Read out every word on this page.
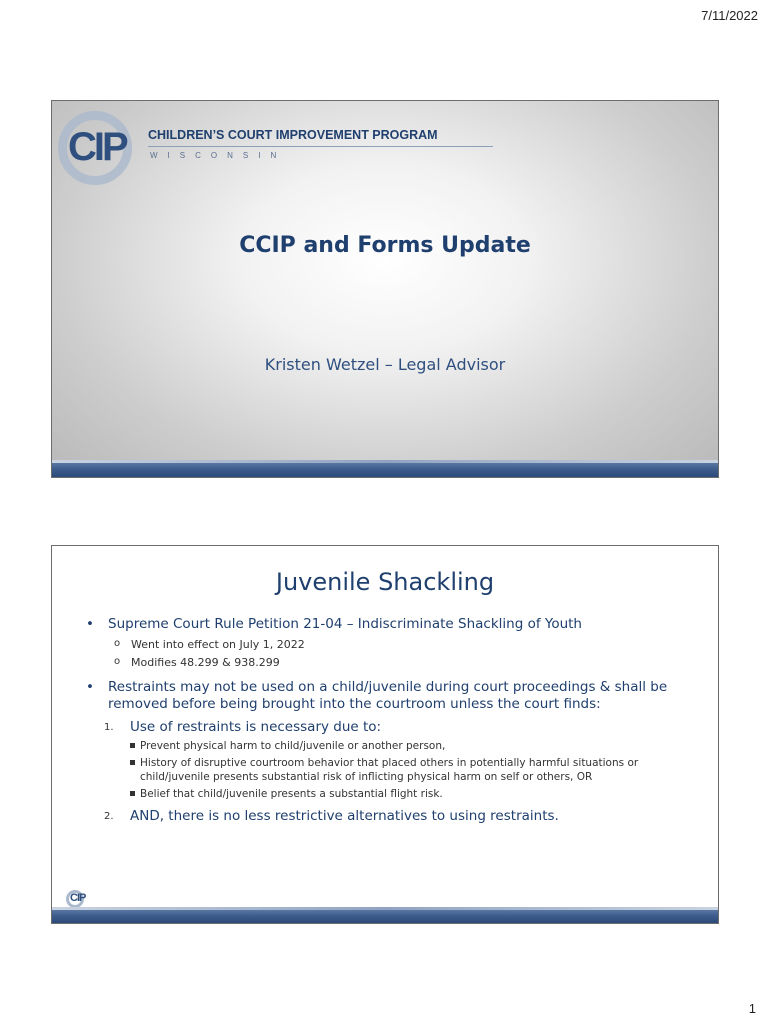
7/11/2022
CIP CHILDREN’S COURT IMPROVEMENT PROGRAM
WISCONSIN
CCIP and Forms Update
Kristen Wetzel – Legal Advisor
Juvenile Shackling
• Supreme Court Rule Petition 21-04 – Indiscriminate Shackling of Youth
o Went into effect on July 1, 2022
o Modifies 48.299 & 938.299
• Restraints may not be used on a child/juvenile during court proceedings & shall be removed before being brought into the courtroom unless the court finds:
1. Use of restraints is necessary due to:
Prevent physical harm to child/juvenile or another person,
History of disruptive courtroom behavior that placed others in potentially harmful situations or child/juvenile presents substantial risk of inflicting physical harm on self or others, OR
Belief that child/juvenile presents a substantial flight risk.
2. AND, there is no less restrictive alternatives to using restraints.
CIP
1
